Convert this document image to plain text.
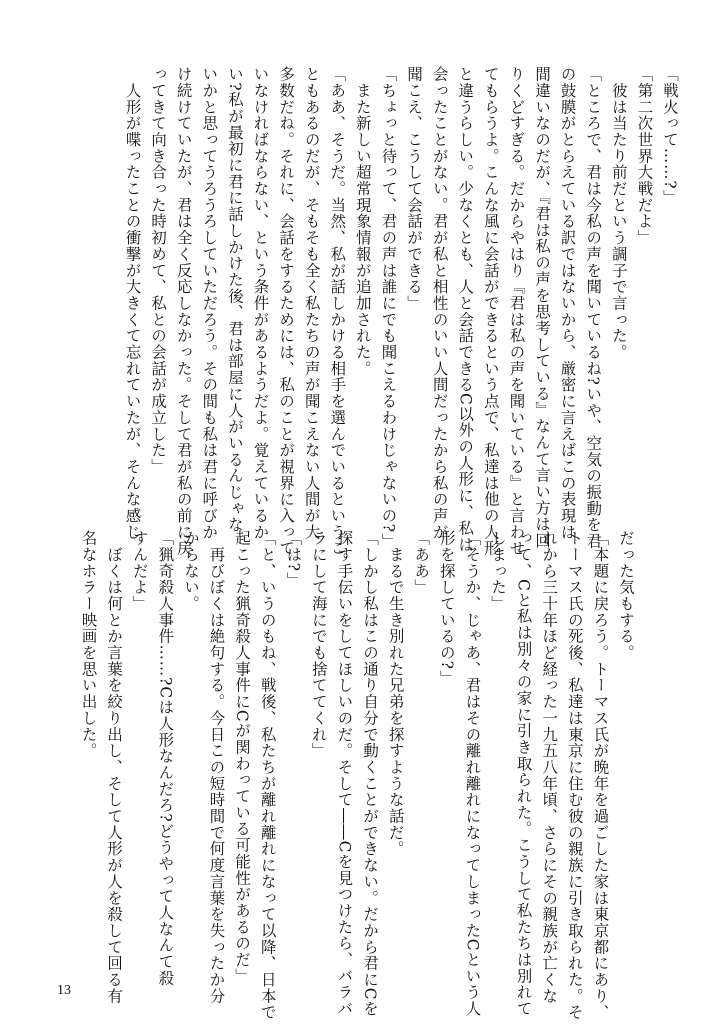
「戦火って……?」
「第二次世界大戦だよ」
　彼は当たり前だという調子で言った。
「ところで、君は今私の声を聞いているね?いや、空気の振動を君
の鼓膜がとらえている訳ではないから、厳密に言えばこの表現は
間違いなのだが、『君は私の声を思考している』なんて言い方は回
りくどすぎる。だからやはり『君は私の声を聞いている』と言わせ
てもらうよ。こんな風に会話ができるという点で、私達は他の人形
と違うらしい。少なくとも、人と会話できるC以外の人形に、私は
会ったことがない。君が私と相性のいい人間だったから私の声が
聞こえ、こうして会話ができる」
「ちょっと待って、君の声は誰にでも聞こえるわけじゃないの?」
　また新しい超常現象情報が追加された。
「ああ、そうだ。当然、私が話しかける相手を選んでいるというこ
ともあるのだが、そもそも全く私たちの声が聞こえない人間が大
多数だね。それに、会話をするためには、私のことが視界に入って
いなければならない、という条件があるようだよ。覚えているか
い?私が最初に君に話しかけた後、君は部屋に人がいるんじゃな
いかと思ってうろうろしていただろう。その間も私は君に呼びか
け続けていたが、君は全く反応しなかった。そして君が私の前に戻
ってきて向き合った時初めて、私との会話が成立した」
　人形が喋ったことの衝撃が大きくて忘れていたが、そんな感じ
だった気もする。
「本題に戻ろう。トーマス氏が晩年を過ごした家は東京都にあり、
トーマス氏の死後、私達は東京に住む彼の親族に引き取られた。そ
れから三十年ほど経った一九五八年頃、さらにその親族が亡くな
って、Cと私は別々の家に引き取られた。こうして私たちは別れて
しまった」
「そうか、じゃあ、君はその離れ離れになってしまったCという人
形を探しているの?」
「ああ」
　まるで生き別れた兄弟を探すような話だ。
「しかし私はこの通り自分で動くことができない。だから君にCを
探す手伝いをしてほしいのだ。そして――Cを見つけたら、バラバ
ラにして海にでも捨ててくれ」
「は?」
「と、いうのもね、戦後、私たちが離れ離れになって以降、日本で
起こった猟奇殺人事件にCが関わっている可能性があるのだ」
　再びぼくは絶句する。今日この短時間で何度言葉を失ったか分
からない。
「猟奇殺人事件……?Cは人形なんだろ?どうやって人なんて殺
すんだよ」
　ぼくは何とか言葉を絞り出し、そして人形が人を殺して回る有
名なホラー映画を思い出した。
13
